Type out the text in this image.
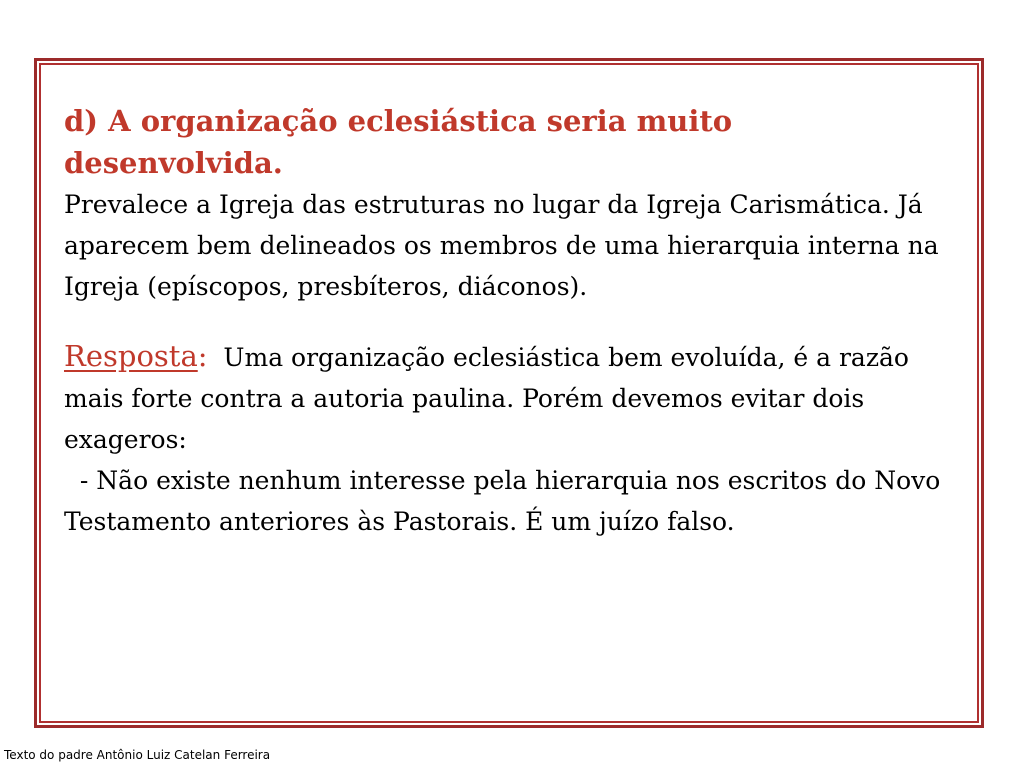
d) A organização eclesiástica seria muito desenvolvida.

Prevalece a Igreja das estruturas no lugar da Igreja Carismática. Já aparecem bem delineados os membros de uma hierarquia interna na Igreja (epíscopos, presbíteros, diáconos).

Resposta: Uma organização eclesiástica bem evoluída, é a razão mais forte contra a autoria paulina. Porém devemos evitar dois exageros:

- Não existe nenhum interesse pela hierarquia nos escritos do Novo Testamento anteriores às Pastorais. É um juízo falso.

Texto do padre Antônio Luiz Catelan Ferreira
